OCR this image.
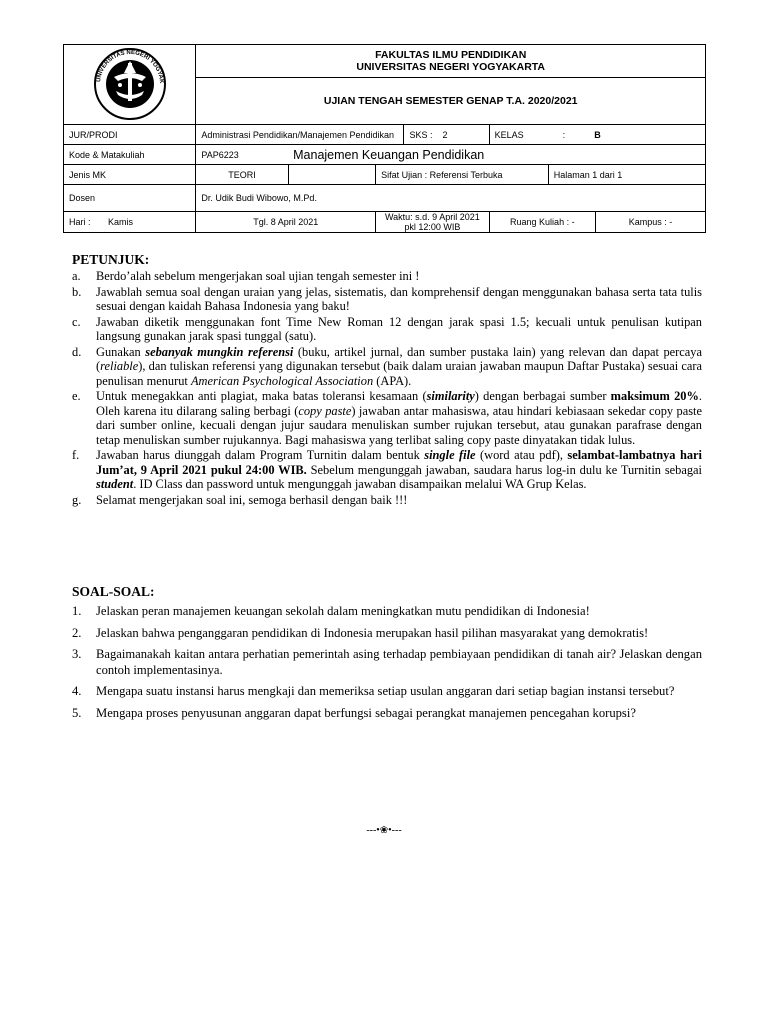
UNIVERSITAS NEGERI YOGYAK	FAKULTAS ILMU PENDIDIKAN
UNIVERSITAS NEGERI YOGYAKARTA						

	UJIAN TENGAH SEMESTER GENAP T.A. 2020/2021						
JUR/PRODI	Administrasi Pendidikan/Manajemen Pendidikan			SKS : 2	KELAS : B		
Kode & Matakuliah	PAP6223	Manajemen Keuangan Pendidikan					
Jenis MK	TEORI		Sifat Ujian : Referensi Terbuka			Halaman 1 dari 1	
Dosen	Dr. Udik Budi Wibowo, M.Pd.						
Hari : Kamis	Tgl. 8 April 2021		Waktu: s.d. 9 April 2021 pkl 12:00 WIB		Ruang Kuliah : -		Kampus : -
PETUNJUK:
a.	Berdo’alah sebelum mengerjakan soal ujian tengah semester ini !
b.	Jawablah semua soal dengan uraian yang jelas, sistematis, dan komprehensif dengan menggunakan bahasa serta tata tulis sesuai dengan kaidah Bahasa Indonesia yang baku!
c.	Jawaban diketik menggunakan font Time New Roman 12 dengan jarak spasi 1.5; kecuali untuk penulisan kutipan langsung gunakan jarak spasi tunggal (satu).
d.	Gunakan sebanyak mungkin referensi (buku, artikel jurnal, dan sumber pustaka lain) yang relevan dan dapat percaya (reliable), dan tuliskan referensi yang digunakan tersebut (baik dalam uraian jawaban maupun Daftar Pustaka) sesuai cara penulisan menurut American Psychological Association (APA).
e.	Untuk menegakkan anti plagiat, maka batas toleransi kesamaan (similarity) dengan berbagai sumber maksimum 20%. Oleh karena itu dilarang saling berbagi (copy paste) jawaban antar mahasiswa, atau hindari kebiasaan sekedar copy paste dari sumber online, kecuali dengan jujur saudara menuliskan sumber rujukan tersebut, atau gunakan parafrase dengan tetap menuliskan sumber rujukannya. Bagi mahasiswa yang terlibat saling copy paste dinyatakan tidak lulus.
f.	Jawaban harus diunggah dalam Program Turnitin dalam bentuk single file (word atau pdf), selambat-lambatnya hari Jum’at, 9 April 2021 pukul 24:00 WIB. Sebelum mengunggah jawaban, saudara harus log-in dulu ke Turnitin sebagai student. ID Class dan password untuk mengunggah jawaban disampaikan melalui WA Grup Kelas.
g.	Selamat mengerjakan soal ini, semoga berhasil dengan baik !!!
SOAL-SOAL:
1.	Jelaskan peran manajemen keuangan sekolah dalam meningkatkan mutu pendidikan di Indonesia!
2.	Jelaskan bahwa penganggaran pendidikan di Indonesia merupakan hasil pilihan masyarakat yang demokratis!
3.	Bagaimanakah kaitan antara perhatian pemerintah asing terhadap pembiayaan pendidikan di tanah air? Jelaskan dengan contoh implementasinya.
4.	Mengapa suatu instansi harus mengkaji dan memeriksa setiap usulan anggaran dari setiap bagian instansi tersebut?
5.	Mengapa proses penyusunan anggaran dapat berfungsi sebagai perangkat manajemen pencegahan korupsi?
---•❀•---
